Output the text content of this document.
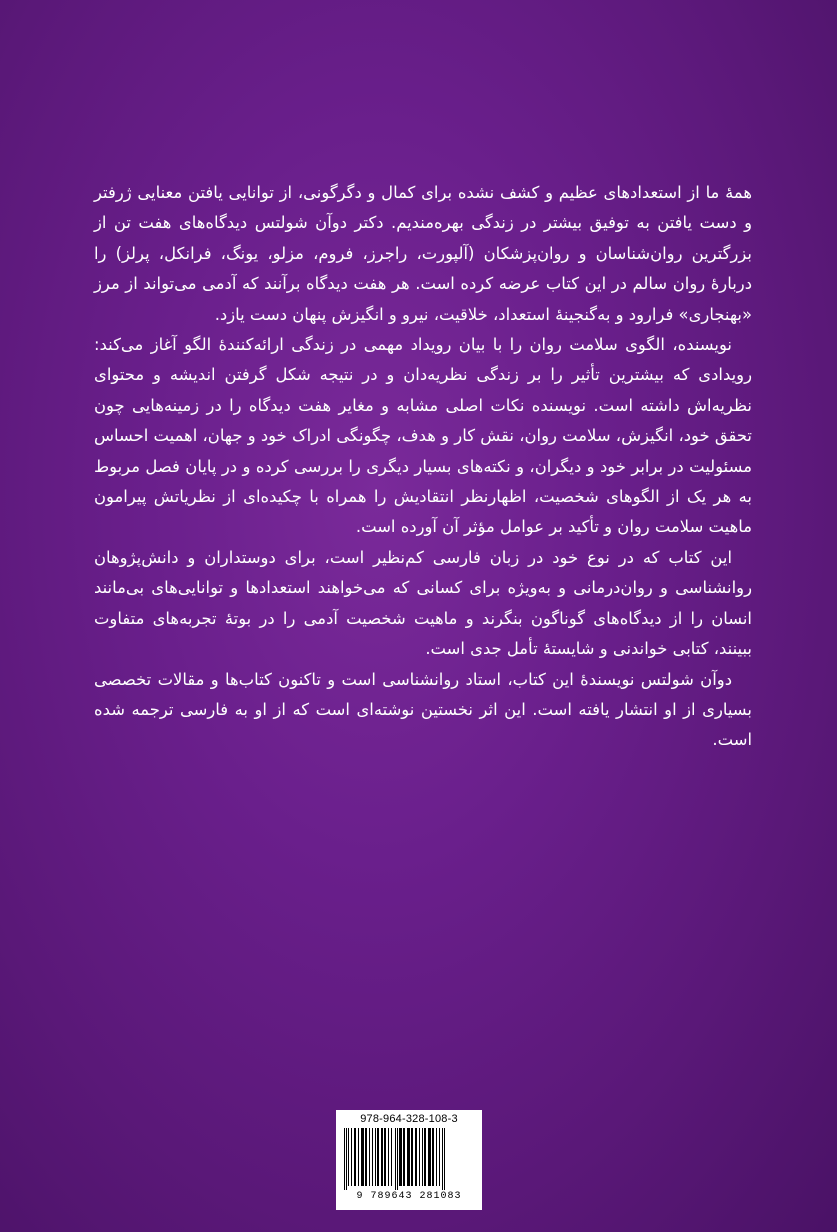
همهٔ ما از استعدادهای عظیم و کشف نشده برای کمال و دگرگونی، از توانایی یافتن معنایی ژرفتر و دست یافتن به توفیق بیشتر در زندگی بهره‌مندیم. دکتر دوآن شولتس دیدگاه‌های هفت تن از بزرگترین روان‌شناسان و روان‌پزشکان (آلپورت، راجرز، فروم، مزلو، یونگ، فرانکل، پرلز) را دربارهٔ روان سالم در این کتاب عرضه کرده است. هر هفت دیدگاه برآنند که آدمی می‌تواند از مرز «بهنجاری» فرارود و به‌گنجینهٔ استعداد، خلاقیت، نیرو و انگیزش پنهان دست یازد.

نویسنده، الگوی سلامت روان را با بیان رویداد مهمی در زندگی ارائه‌کنندهٔ الگو آغاز می‌کند: رویدادی که بیشترین تأثیر را بر زندگی نظریه‌دان و در نتیجه شکل گرفتن اندیشه و محتوای نظریه‌اش داشته است. نویسنده نکات اصلی مشابه و مغایر هفت دیدگاه را در زمینه‌هایی چون تحقق خود، انگیزش، سلامت روان، نقش کار و هدف، چگونگی ادراک خود و جهان، اهمیت احساس مسئولیت در برابر خود و دیگران، و نکته‌های بسیار دیگری را بررسی کرده و در پایان فصل مربوط به هر یک از الگوهای شخصیت، اظهارنظر انتقادیش را همراه با چکیده‌ای از نظریاتش پیرامون ماهیت سلامت روان و تأکید بر عوامل مؤثر آن آورده است.

این کتاب که در نوع خود در زبان فارسی کم‌نظیر است، برای دوستداران و دانش‌پژوهان روانشناسی و روان‌درمانی و به‌ویژه برای کسانی که می‌خواهند استعدادها و توانایی‌های بی‌مانند انسان را از دیدگاه‌های گوناگون بنگرند و ماهیت شخصیت آدمی را در بوتهٔ تجربه‌های متفاوت ببینند، کتابی خواندنی و شایستهٔ تأمل جدی است.

دوآن شولتس نویسندهٔ این کتاب، استاد روانشناسی است و تاکنون کتاب‌ها و مقالات تخصصی بسیاری از او انتشار یافته است. این اثر نخستین نوشته‌ای است که از او به فارسی ترجمه شده است.

978-964-328-108-3
9 789643 281083
